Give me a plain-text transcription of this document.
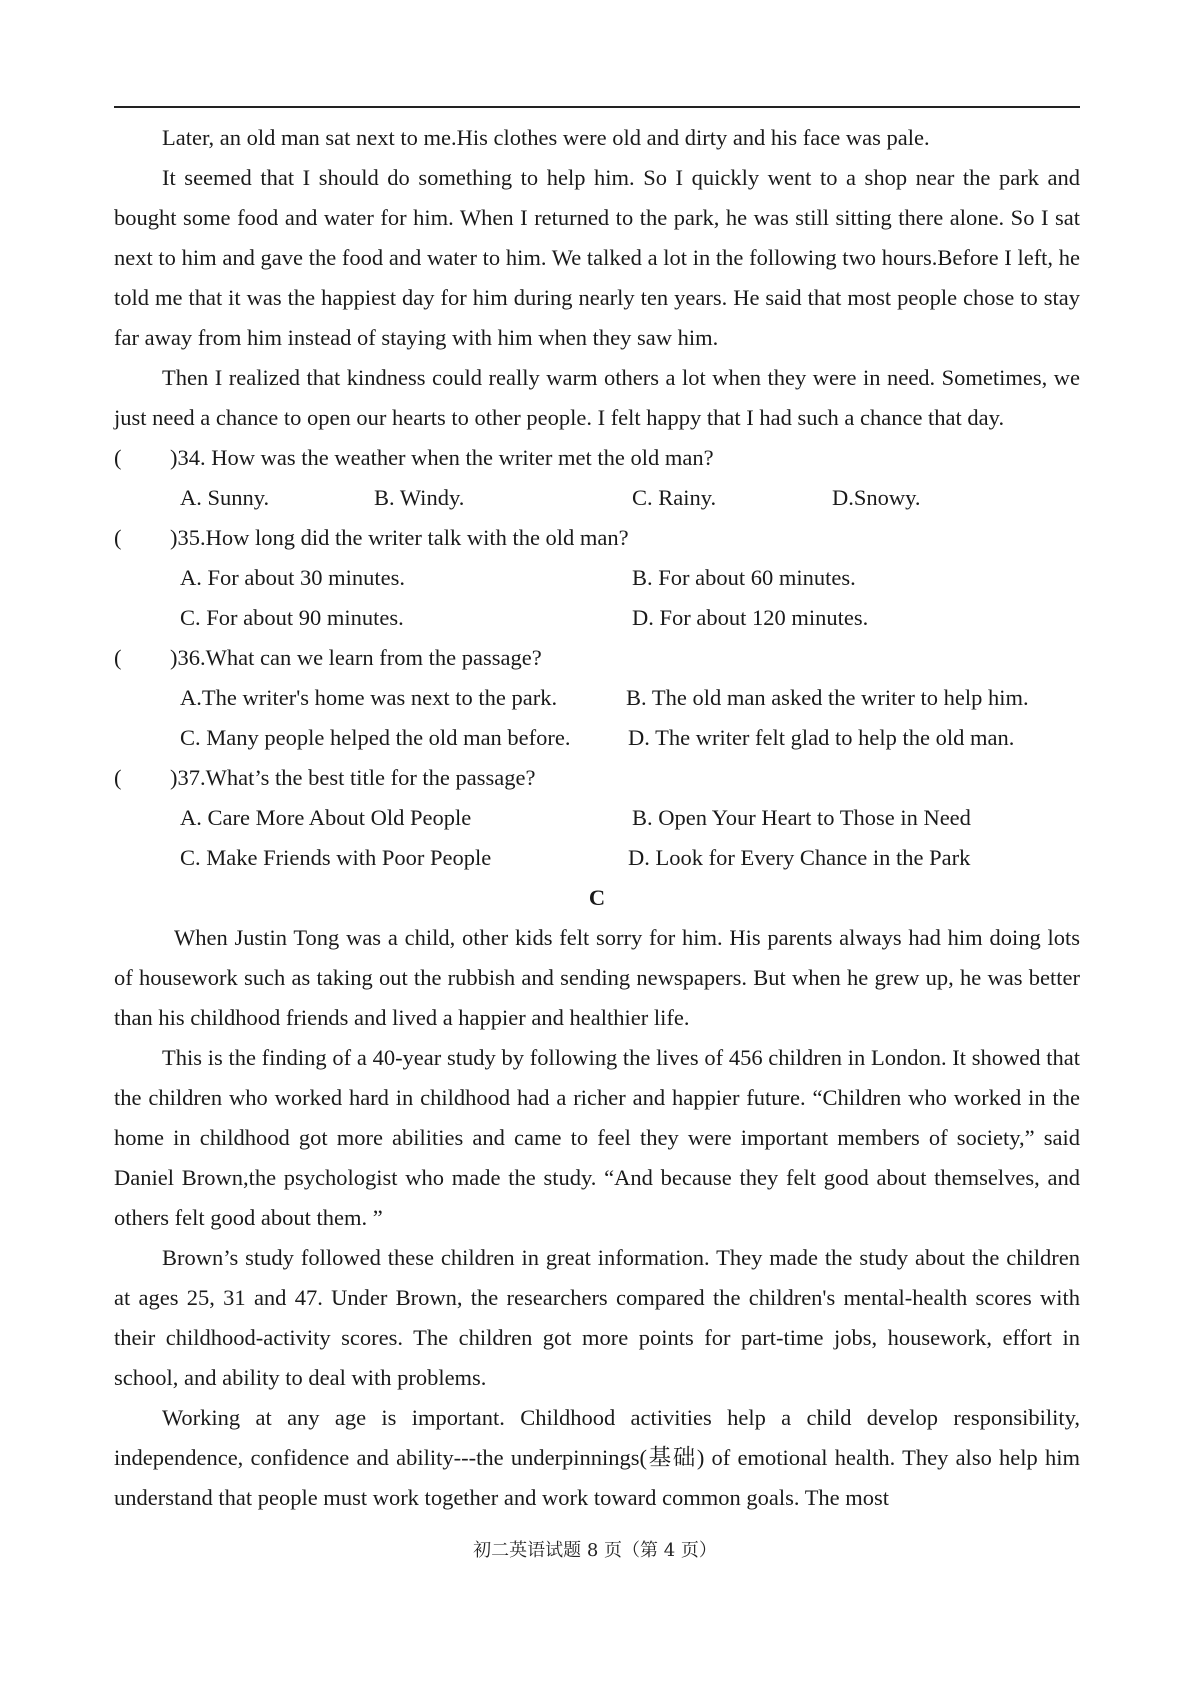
Later, an old man sat next to me.His clothes were old and dirty and his face was pale.

It seemed that I should do something to help him. So I quickly went to a shop near the park and bought some food and water for him. When I returned to the park, he was still sitting there alone. So I sat next to him and gave the food and water to him. We talked a lot in the following two hours.Before I left, he told me that it was the happiest day for him during nearly ten years. He said that most people chose to stay far away from him instead of staying with him when they saw him.

Then I realized that kindness could really warm others a lot when they were in need. Sometimes, we just need a chance to open our hearts to other people. I felt happy that I had such a chance that day.

( )34. How was the weather when the writer met the old man?

A. Sunny.	B. Windy.	C. Rainy.	D.Snowy.

( )35.How long did the writer talk with the old man?

A. For about 30 minutes.	B. For about 60 minutes.
C. For about 90 minutes.	D. For about 120 minutes.

( )36.What can we learn from the passage?

A.The writer's home was next to the park.	B. The old man asked the writer to help him.
C. Many people helped the old man before.	D. The writer felt glad to help the old man.

( )37.What’s the best title for the passage?

A. Care More About Old People	B. Open Your Heart to Those in Need
C. Make Friends with Poor People	D. Look for Every Chance in the Park

C

When Justin Tong was a child, other kids felt sorry for him. His parents always had him doing lots of housework such as taking out the rubbish and sending newspapers. But when he grew up, he was better than his childhood friends and lived a happier and healthier life.

This is the finding of a 40-year study by following the lives of 456 children in London. It showed that the children who worked hard in childhood had a richer and happier future. “Children who worked in the home in childhood got more abilities and came to feel they were important members of society,” said Daniel Brown,the psychologist who made the study. “And because they felt good about themselves, and others felt good about them. ”

Brown’s study followed these children in great information. They made the study about the children at ages 25, 31 and 47. Under Brown, the researchers compared the children's mental-health scores with their childhood-activity scores. The children got more points for part-time jobs, housework, effort in school, and ability to deal with problems.

Working at any age is important. Childhood activities help a child develop responsibility, independence, confidence and ability---the underpinnings(基础) of emotional health. They also help him understand that people must work together and work toward common goals. The most

初二英语试题 8 页（第 4 页）
